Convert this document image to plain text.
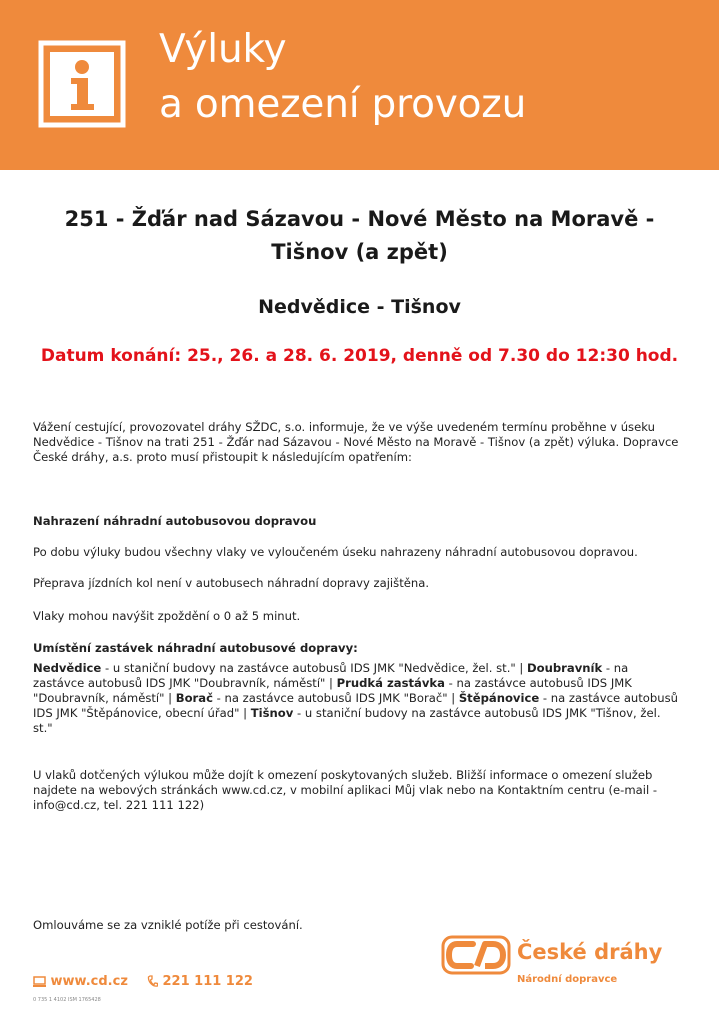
Výluky
a omezení provozu
251 - Žďár nad Sázavou - Nové Město na Moravě - Tišnov (a zpět)
Nedvědice - Tišnov
Datum konání: 25., 26. a 28. 6. 2019, denně od 7.30 do 12:30 hod.

Vážení cestující, provozovatel dráhy SŽDC, s.o. informuje, že ve výše uvedeném termínu proběhne v úseku Nedvědice - Tišnov na trati 251 - Žďár nad Sázavou - Nové Město na Moravě - Tišnov (a zpět) výluka. Dopravce České dráhy, a.s. proto musí přistoupit k následujícím opatřením:

Nahrazení náhradní autobusovou dopravou

Po dobu výluky budou všechny vlaky ve vyloučeném úseku nahrazeny náhradní autobusovou dopravou.

Přeprava jízdních kol není v autobusech náhradní dopravy zajištěna.

Vlaky mohou navýšit zpoždění o 0 až 5 minut.

Umístění zastávek náhradní autobusové dopravy:

Nedvědice - u staniční budovy na zastávce autobusů IDS JMK "Nedvědice, žel. st." | Doubravník - na zastávce autobusů IDS JMK "Doubravník, náměstí" | Prudká zastávka - na zastávce autobusů IDS JMK "Doubravník, náměstí" | Borač - na zastávce autobusů IDS JMK "Borač" | Štěpánovice - na zastávce autobusů IDS JMK "Štěpánovice, obecní úřad" | Tišnov - u staniční budovy na zastávce autobusů IDS JMK "Tišnov, žel. st."

U vlaků dotčených výlukou může dojít k omezení poskytovaných služeb. Bližší informace o omezení služeb najdete na webových stránkách www.cd.cz, v mobilní aplikaci Můj vlak nebo na Kontaktním centru (e-mail - info@cd.cz, tel. 221 111 122)

Omlouváme se za vzniklé potíže při cestování.

www.cd.cz	221 111 122
0 735 1 4102 ISM 1765428
České dráhy
Národní dopravce
